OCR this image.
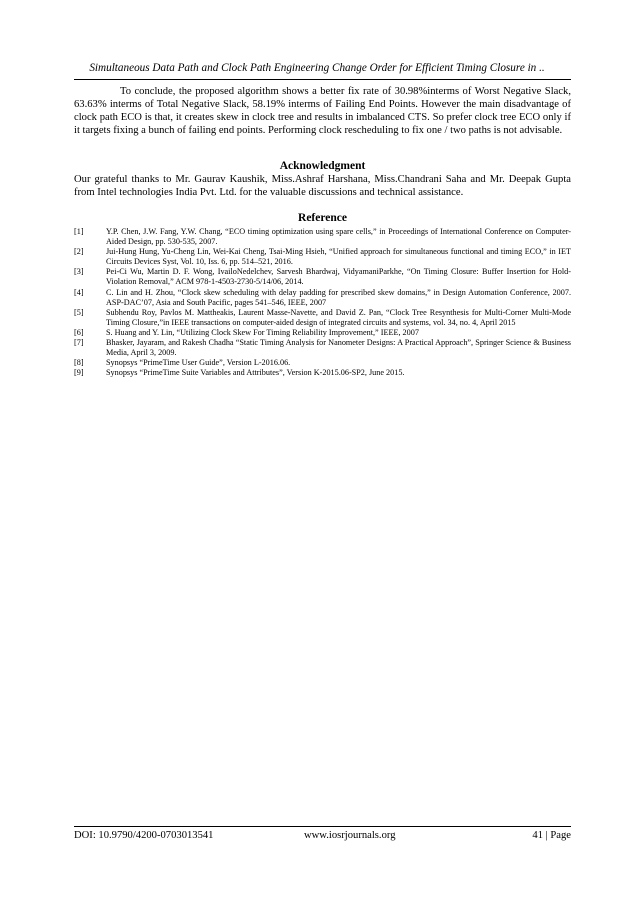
Simultaneous Data Path and Clock Path Engineering Change Order for Efficient Timing Closure in ..

To conclude, the proposed algorithm shows a better fix rate of 30.98%interms of Worst Negative Slack, 63.63% interms of Total Negative Slack, 58.19% interms of Failing End Points. However the main disadvantage of clock path ECO is that, it creates skew in clock tree and results in imbalanced CTS. So prefer clock tree ECO only if it targets fixing a bunch of failing end points. Performing clock rescheduling to fix one / two paths is not advisable.

Acknowledgment

Our grateful thanks to Mr. Gaurav Kaushik, Miss.Ashraf Harshana, Miss.Chandrani Saha and Mr. Deepak Gupta from Intel technologies India Pvt. Ltd. for the valuable discussions and technical assistance.

Reference
[1]	Y.P. Chen, J.W. Fang, Y.W. Chang, “ECO timing optimization using spare cells,” in Proceedings of International Conference on Computer-Aided Design, pp. 530-535, 2007.
[2]	Jui-Hung Hung, Yu-Cheng Lin, Wei-Kai Cheng, Tsai-Ming Hsieh, “Unified approach for simultaneous functional and timing ECO,” in IET Circuits Devices Syst, Vol. 10, Iss. 6, pp. 514–521, 2016.
[3]	Pei-Ci Wu, Martin D. F. Wong, IvailoNedelchev, Sarvesh Bhardwaj, VidyamaniParkhe, “On Timing Closure: Buffer Insertion for Hold-Violation Removal,” ACM 978-1-4503-2730-5/14/06, 2014.
[4]	C. Lin and H. Zhou, “Clock skew scheduling with delay padding for prescribed skew domains,” in Design Automation Conference, 2007. ASP-DAC’07, Asia and South Pacific, pages 541–546, IEEE, 2007
[5]	Subhendu Roy, Pavlos M. Mattheakis, Laurent Masse-Navette, and David Z. Pan, “Clock Tree Resynthesis for Multi-Corner Multi-Mode Timing Closure,”in IEEE transactions on computer-aided design of integrated circuits and systems, vol. 34, no. 4, April 2015
[6]	S. Huang and Y. Lin, “Utilizing Clock Skew For Timing Reliability Improvement,” IEEE, 2007
[7]	Bhasker, Jayaram, and Rakesh Chadha “Static Timing Analysis for Nanometer Designs: A Practical Approach”, Springer Science & Business Media, April 3, 2009.
[8]	Synopsys “PrimeTime User Guide”, Version L-2016.06.
[9]	Synopsys “PrimeTime Suite Variables and Attributes”, Version K-2015.06-SP2, June 2015.
DOI: 10.9790/4200-0703013541	www.iosrjournals.org	41 | Page
